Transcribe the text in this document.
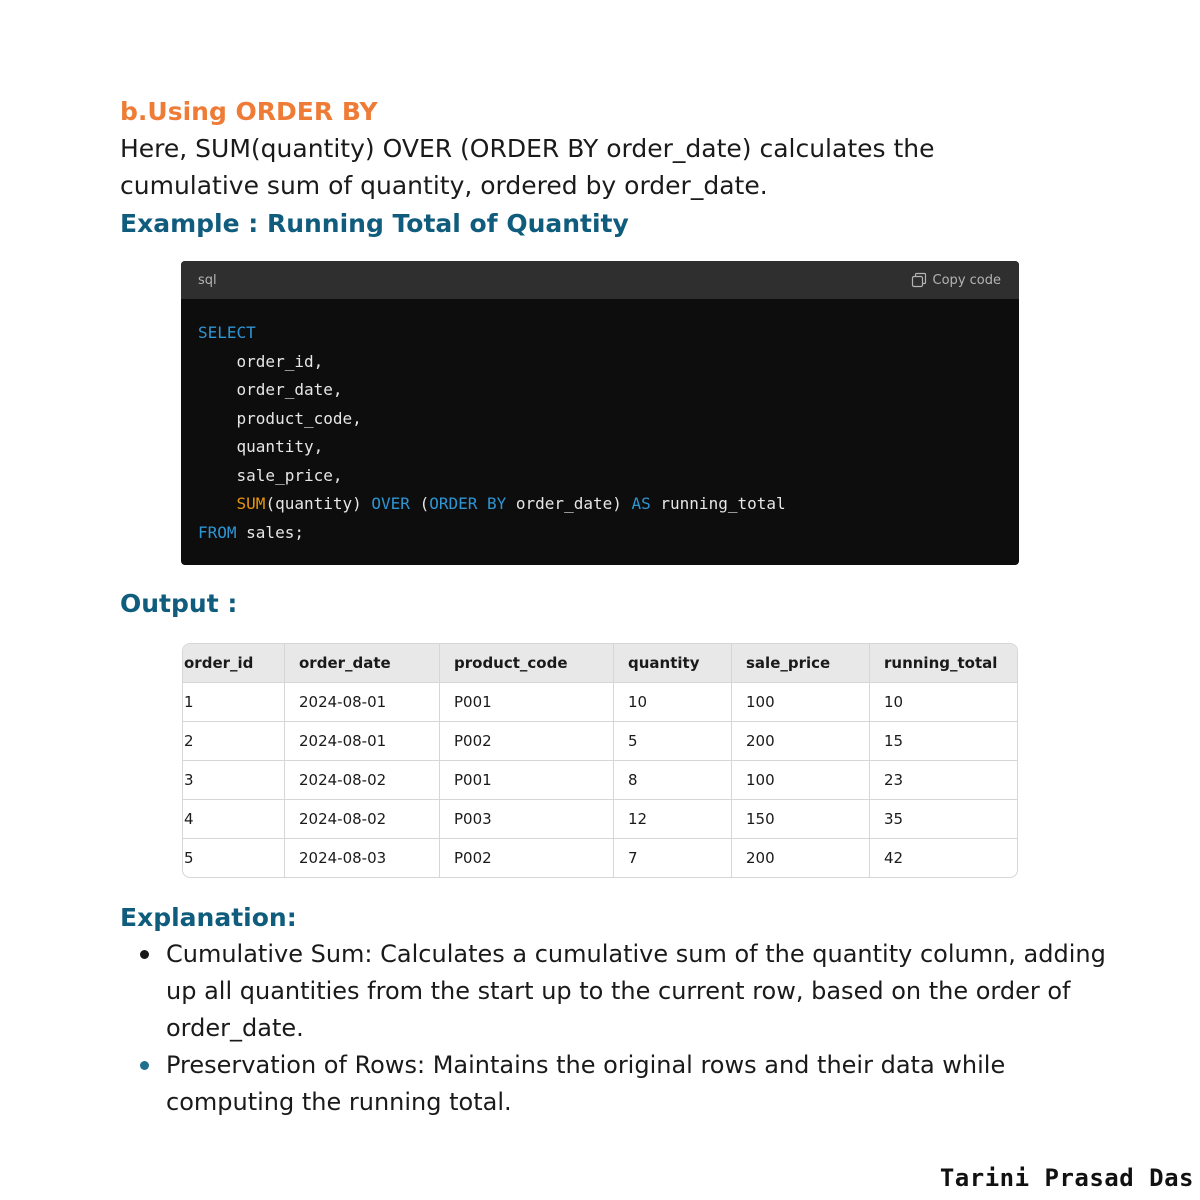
b.Using ORDER BY

Here, SUM(quantity) OVER (ORDER BY order_date) calculates the cumulative sum of quantity, ordered by order_date.

Example : Running Total of Quantity
sql	Copy code
SELECT
order_id,
order_date,
product_code,
quantity,
sale_price,
SUM(quantity) OVER (ORDER BY order_date) AS running_total
FROM sales;
Output :
order_id	order_date	product_code	quantity	sale_price	running_total
1	2024-08-01	P001	10	100	10
2	2024-08-01	P002	5	200	15
3	2024-08-02	P001	8	100	23
4	2024-08-02	P003	12	150	35
5	2024-08-03	P002	7	200	42
Explanation:
Cumulative Sum: Calculates a cumulative sum of the quantity column, adding up all quantities from the start up to the current row, based on the order of order_date.
Preservation of Rows: Maintains the original rows and their data while computing the running total.
Tarini Prasad Das
